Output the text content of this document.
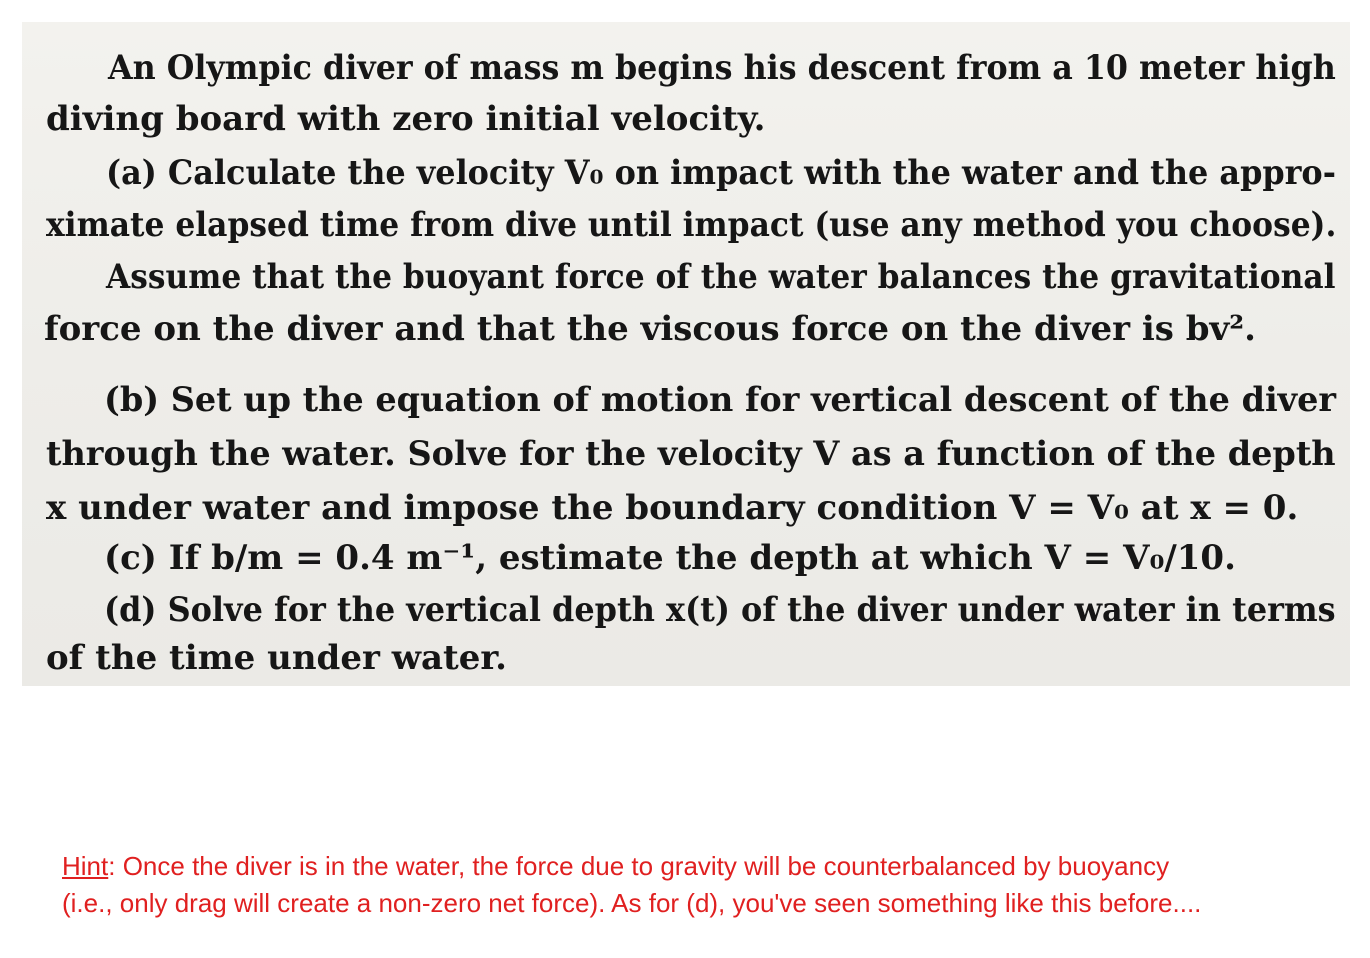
An Olympic diver of mass m begins his descent from a 10 meter high
diving board with zero initial velocity.
(a) Calculate the velocity V₀ on impact with the water and the appro-
ximate elapsed time from dive until impact (use any method you choose).
Assume that the buoyant force of the water balances the gravitational
force on the diver and that the viscous force on the diver is bv².
(b) Set up the equation of motion for vertical descent of the diver
through the water. Solve for the velocity V as a function of the depth
x under water and impose the boundary condition V = V₀ at x = 0.
(c) If b/m = 0.4 m⁻¹, estimate the depth at which V = V₀/10.
(d) Solve for the vertical depth x(t) of the diver under water in terms
of the time under water.
Hint: Once the diver is in the water, the force due to gravity will be counterbalanced by buoyancy
(i.e., only drag will create a non-zero net force). As for (d), you've seen something like this before....
